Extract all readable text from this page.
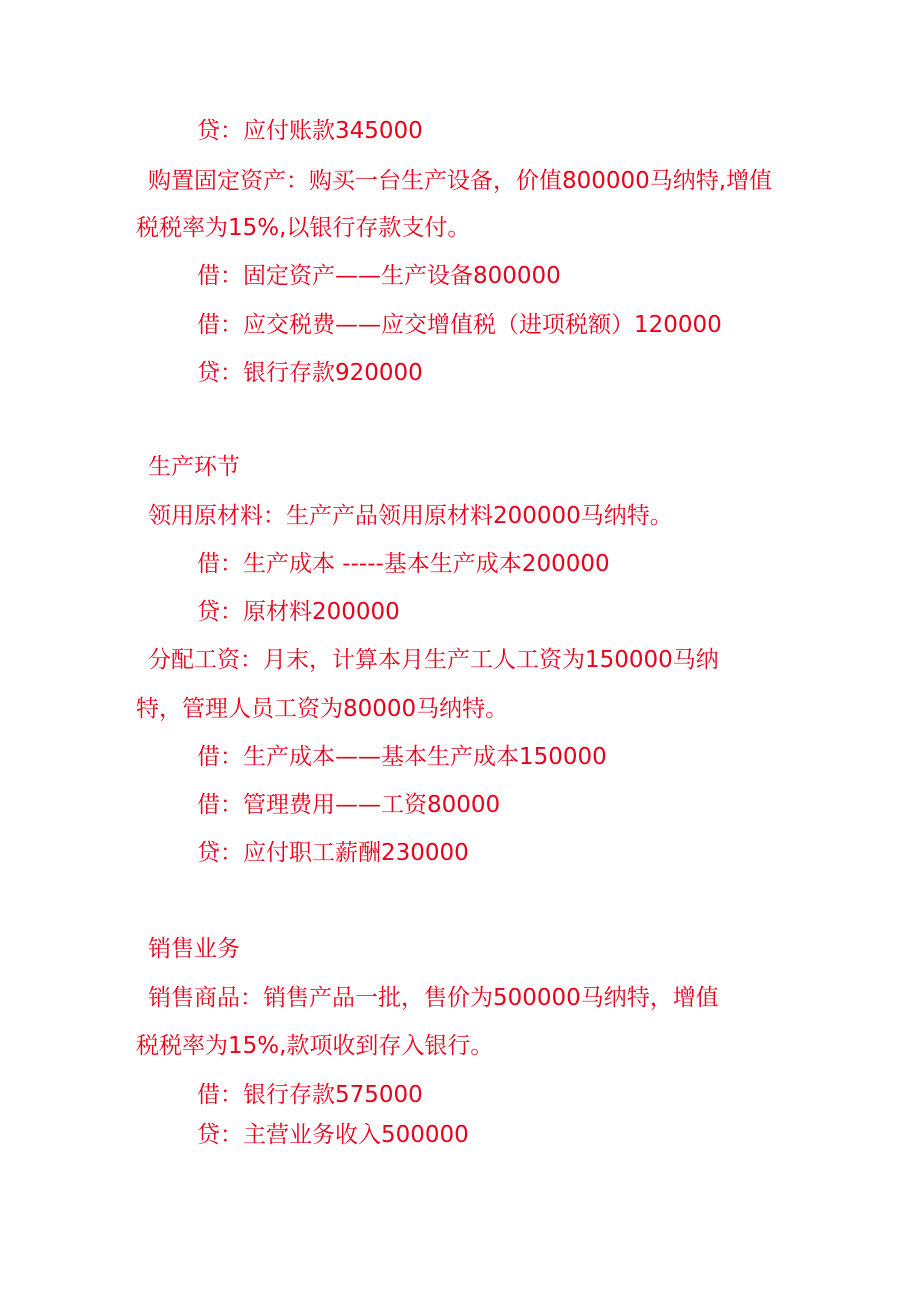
贷：应付账款345000
购置固定资产：购买一台生产设备，价值800000马纳特,增值
税税率为15%,以银行存款支付。
借：固定资产——生产设备800000
借：应交税费——应交增值税（进项税额）120000
贷：银行存款920000
生产环节
领用原材料：生产产品领用原材料200000马纳特。
借：生产成本 -----基本生产成本200000
贷：原材料200000
分配工资：月末，计算本月生产工人工资为150000马纳
特，管理人员工资为80000马纳特。
借：生产成本——基本生产成本150000
借：管理费用——工资80000
贷：应付职工薪酬230000
销售业务
销售商品：销售产品一批，售价为500000马纳特，增值
税税率为15%,款项收到存入银行。
借：银行存款575000
贷：主营业务收入500000
